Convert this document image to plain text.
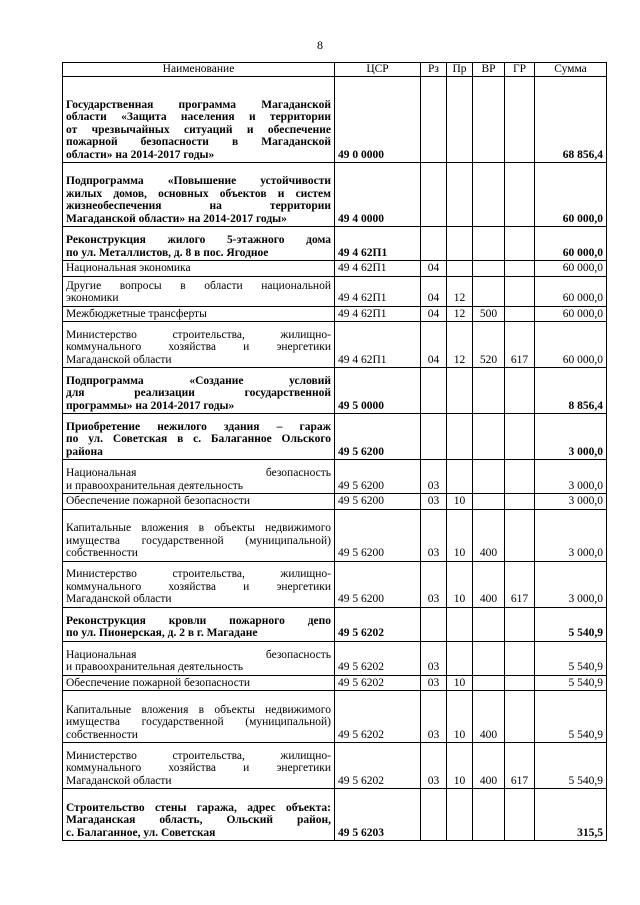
8
Наименование	ЦСР	Рз	Пр	ВР	ГР	Сумма

Государственная программа Магаданской
области «Защита населения и территории
от чрезвычайных ситуаций и обеспечение
пожарной безопасности в Магаданской
области» на 2014-2017 годы»	49 0 0000					68 856,4

Подпрограмма «Повышение устойчивости
жилых домов, основных объектов и систем
жизнеобеспечения на территории
Магаданской области» на 2014-2017 годы»	49 4 0000					60 000,0

Реконструкция жилого 5-этажного дома
по ул. Металлистов, д. 8 в пос. Ягодное	49 4 62П1					60 000,0

Национальная экономика	49 4 62П1	04				60 000,0

Другие вопросы в области национальной
экономики	49 4 62П1	04	12			60 000,0

Межбюджетные трансферты	49 4 62П1	04	12	500		60 000,0

Министерство строительства, жилищно-
коммунального хозяйства и энергетики
Магаданской области	49 4 62П1	04	12	520	617	60 000,0

Подпрограмма «Создание условий
для реализации государственной
программы» на 2014-2017 годы»	49 5 0000					8 856,4

Приобретение нежилого здания – гараж
по ул. Советская в с. Балаганное Ольского
района	49 5 6200					3 000,0

Национальная безопасность
и правоохранительная деятельность	49 5 6200	03				3 000,0

Обеспечение пожарной безопасности	49 5 6200	03	10			3 000,0

Капитальные вложения в объекты недвижимого
имущества государственной (муниципальной)
собственности	49 5 6200	03	10	400		3 000,0

Министерство строительства, жилищно-
коммунального хозяйства и энергетики
Магаданской области	49 5 6200	03	10	400	617	3 000,0

Реконструкция кровли пожарного депо
по ул. Пионерская, д. 2 в г. Магадане	49 5 6202					5 540,9

Национальная безопасность
и правоохранительная деятельность	49 5 6202	03				5 540,9

Обеспечение пожарной безопасности	49 5 6202	03	10			5 540,9

Капитальные вложения в объекты недвижимого
имущества государственной (муниципальной)
собственности	49 5 6202	03	10	400		5 540,9

Министерство строительства, жилищно-
коммунального хозяйства и энергетики
Магаданской области	49 5 6202	03	10	400	617	5 540,9

Строительство стены гаража, адрес объекта:
Магаданская область, Ольский район,
с. Балаганное, ул. Советская	49 5 6203					315,5
